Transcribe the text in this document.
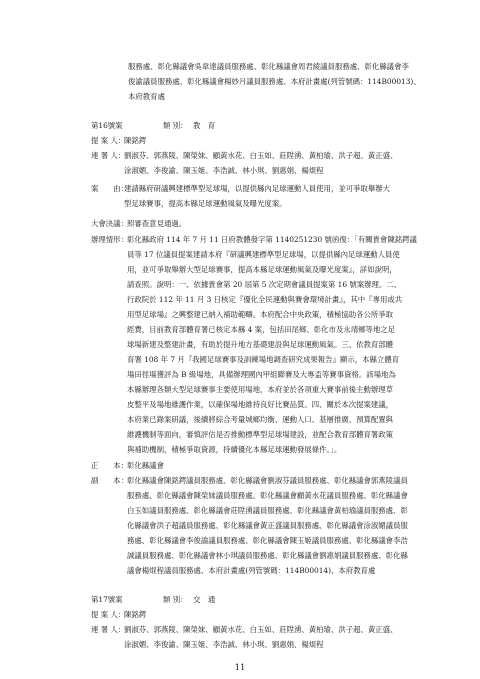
服務處、彰化縣議會吳韋達議員服務處、彰化縣議會周君綾議員服務處、彰化縣議會李
俊諭議員服務處、彰化縣議會楊妙月議員服務處、本府計畫處(列管號碼：114B00013)、
本府教育處
第16號案	類 別： 教　育
提 案 人：
陳銘鍔
連 署 人：
劉淑芬、郭燕陵、陳榮妹、顧黃水花、白玉如、莊陞湧、黃柏瑜、洪子超、黃正盛、
涂淑媚、李俊諭、陳玉姬、李浩誠、林小琪、劉惠娟、楊焜程
案　　由：
建請縣府研議興建標準型足球場，以提供縣內足球運動人員使用，並可爭取舉辦大
型足球賽事，提高本縣足球運動風氣及曝光度案。
大會決議： 照審查意見通過。
辦理情形： 彰化縣政府 114 年 7 月 11 日府教體發字第 1140251230 號函復：「有關貴會陳銘鍔議
員等 17 位議員提案建請本府『研議興建標準型足球場，以提供縣內足球運動人員使
用，並可爭取舉辦大型足球賽事，提高本縣足球運動風氣及曝光度案』，詳如說明，
請查照。說明：一、依據貴會第 20 屆第 5 次定期會議員提案第 16 號案辦理。二、
行政院於 112 年 11 月 3 日核定『優化全民運動與賽會環境計畫』，其中『專用或共
用型足球場』之興整建已納入補助範疇。本府配合中央政策，積極協助各公所爭取
經費，目前教育部體育署已核定本縣 4 案，包括田尾鄉、彰化市及永靖鄉等地之足
球場新建及整建計畫，有助於提升地方基礎建設與足球運動風氣。三、依教育部體
育署 108 年 7 月『我國足球賽事及訓練場地調查研究成果報告』顯示，本縣立體育
場田徑場獲評為 B 級場地，具備辦理國內甲組聯賽及大專盃等賽事資格。該場地為
本縣辦理各類大型足球賽事主要使用場地，本府並於各項重大賽事前後主動辦理草
皮整平及場地維護作業，以確保場地維持良好比賽品質。四、關於本次提案建議，
本府業已錄案研議，後續將綜合考量城鄉均衡、運動人口、基層推廣、預算配置與
維護機制等面向，審慎評估是否推動標準型足球場建設，並配合教育部體育署政策
與補助機制，積極爭取資源，持續優化本縣足球運動發展條件。」。
正　　本： 彰化縣議會
副　　本： 彰化縣議會陳銘鍔議員服務處、彰化縣議會劉淑芬議員服務處、彰化縣議會郭燕陵議員
服務處、彰化縣議會陳榮妹議員服務處、彰化縣議會顧黃水花議員服務處、彰化縣議會
白玉如議員服務處、彰化縣議會莊陞湧議員服務處、彰化縣議會黃柏瑜議員服務處、彰
化縣議會洪子超議員服務處、彰化縣議會黃正盛議員服務處、彰化縣議會涂淑媚議員服
務處、彰化縣議會李俊諭議員服務處、彰化縣議會陳玉姬議員服務處、彰化縣議會李浩
誠議員服務處、彰化縣議會林小琪議員服務處、彰化縣議會劉惠娟議員服務處、彰化縣
議會楊焜程議員服務處、本府計畫處(列管號碼：114B00014)、本府教育處
第17號案	類 別： 交　通
提 案 人：
陳銘鍔
連 署 人：
劉淑芬、郭燕陵、陳榮妹、顧黃水花、白玉如、莊陞湧、黃柏瑜、洪子超、黃正盛、
涂淑媚、李俊諭、陳玉姬、李浩誠、林小琪、劉惠娟、楊焜程
11
